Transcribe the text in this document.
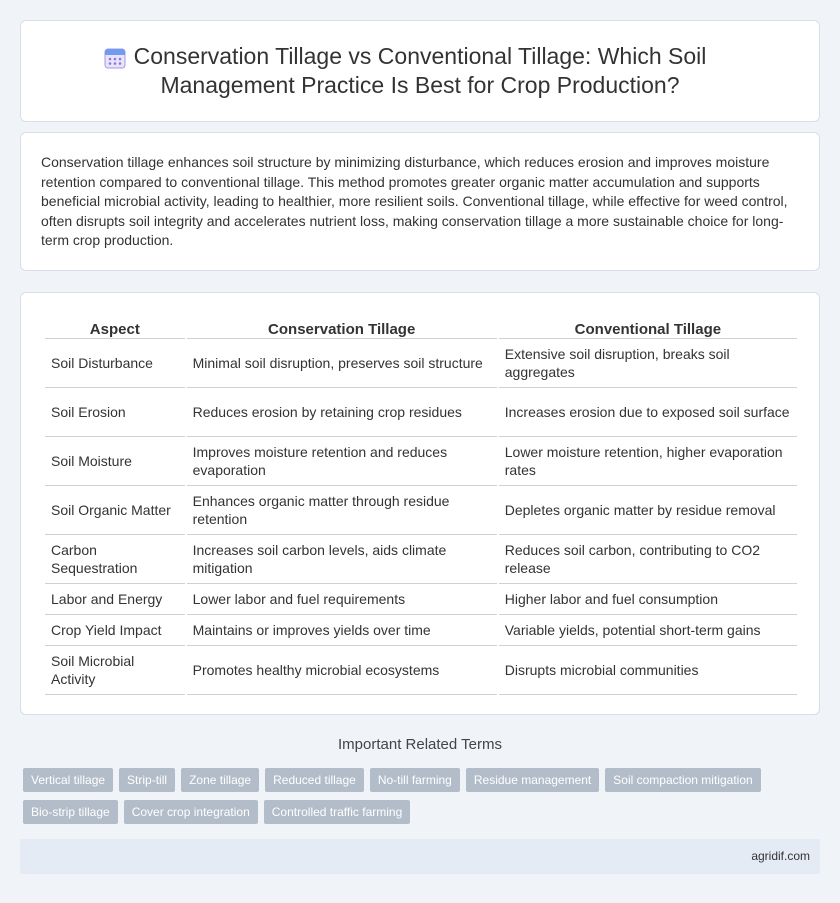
Conservation Tillage vs Conventional Tillage: Which Soil Management Practice Is Best for Crop Production?

Conservation tillage enhances soil structure by minimizing disturbance, which reduces erosion and improves moisture retention compared to conventional tillage. This method promotes greater organic matter accumulation and supports beneficial microbial activity, leading to healthier, more resilient soils. Conventional tillage, while effective for weed control, often disrupts soil integrity and accelerates nutrient loss, making conservation tillage a more sustainable choice for long-term crop production.

Aspect	Conservation Tillage	Conventional Tillage
Soil Disturbance	Minimal soil disruption, preserves soil structure	Extensive soil disruption, breaks soil aggregates
Soil Erosion	Reduces erosion by retaining crop residues	Increases erosion due to exposed soil surface
Soil Moisture	Improves moisture retention and reduces evaporation	Lower moisture retention, higher evaporation rates
Soil Organic Matter	Enhances organic matter through residue retention	Depletes organic matter by residue removal
Carbon Sequestration	Increases soil carbon levels, aids climate mitigation	Reduces soil carbon, contributing to CO2 release
Labor and Energy	Lower labor and fuel requirements	Higher labor and fuel consumption
Crop Yield Impact	Maintains or improves yields over time	Variable yields, potential short-term gains
Soil Microbial Activity	Promotes healthy microbial ecosystems	Disrupts microbial communities
Important Related Terms
Vertical tillage	Strip-till	Zone tillage	Reduced tillage	No-till farming	Residue management	Soil compaction mitigation
Bio-strip tillage	Cover crop integration	Controlled traffic farming
agridif.com
